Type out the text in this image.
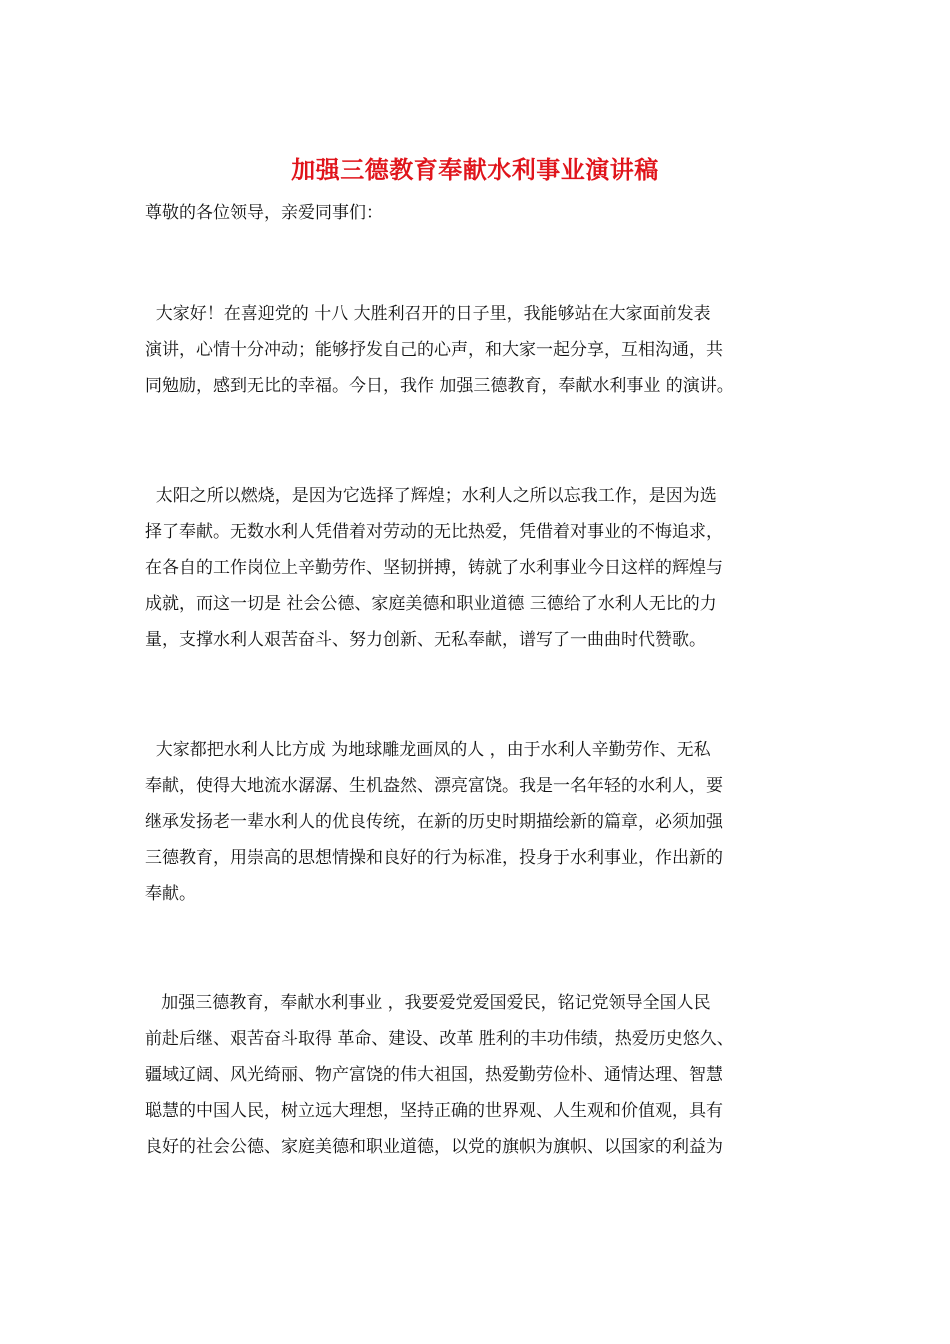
加强三德教育奉献水利事业演讲稿
尊敬的各位领导，亲爱同事们：
大家好！在喜迎党的 十八 大胜利召开的日子里，我能够站在大家面前发表
演讲，心情十分冲动；能够抒发自己的心声，和大家一起分享，互相沟通，共
同勉励，感到无比的幸福。今日，我作 加强三德教育，奉献水利事业 的演讲。
太阳之所以燃烧，是因为它选择了辉煌；水利人之所以忘我工作，是因为选
择了奉献。无数水利人凭借着对劳动的无比热爱，凭借着对事业的不悔追求，
在各自的工作岗位上辛勤劳作、坚韧拼搏，铸就了水利事业今日这样的辉煌与
成就，而这一切是 社会公德、家庭美德和职业道德 三德给了水利人无比的力
量，支撑水利人艰苦奋斗、努力创新、无私奉献，谱写了一曲曲时代赞歌。
大家都把水利人比方成 为地球雕龙画凤的人 ，由于水利人辛勤劳作、无私
奉献，使得大地流水潺潺、生机盎然、漂亮富饶。我是一名年轻的水利人，要
继承发扬老一辈水利人的优良传统，在新的历史时期描绘新的篇章，必须加强
三德教育，用崇高的思想情操和良好的行为标准，投身于水利事业，作出新的
奉献。
加强三德教育，奉献水利事业 ，我要爱党爱国爱民，铭记党领导全国人民
前赴后继、艰苦奋斗取得 革命、建设、改革 胜利的丰功伟绩，热爱历史悠久、
疆域辽阔、风光绮丽、物产富饶的伟大祖国，热爱勤劳俭朴、通情达理、智慧
聪慧的中国人民，树立远大理想，坚持正确的世界观、人生观和价值观，具有
良好的社会公德、家庭美德和职业道德，以党的旗帜为旗帜、以国家的利益为
